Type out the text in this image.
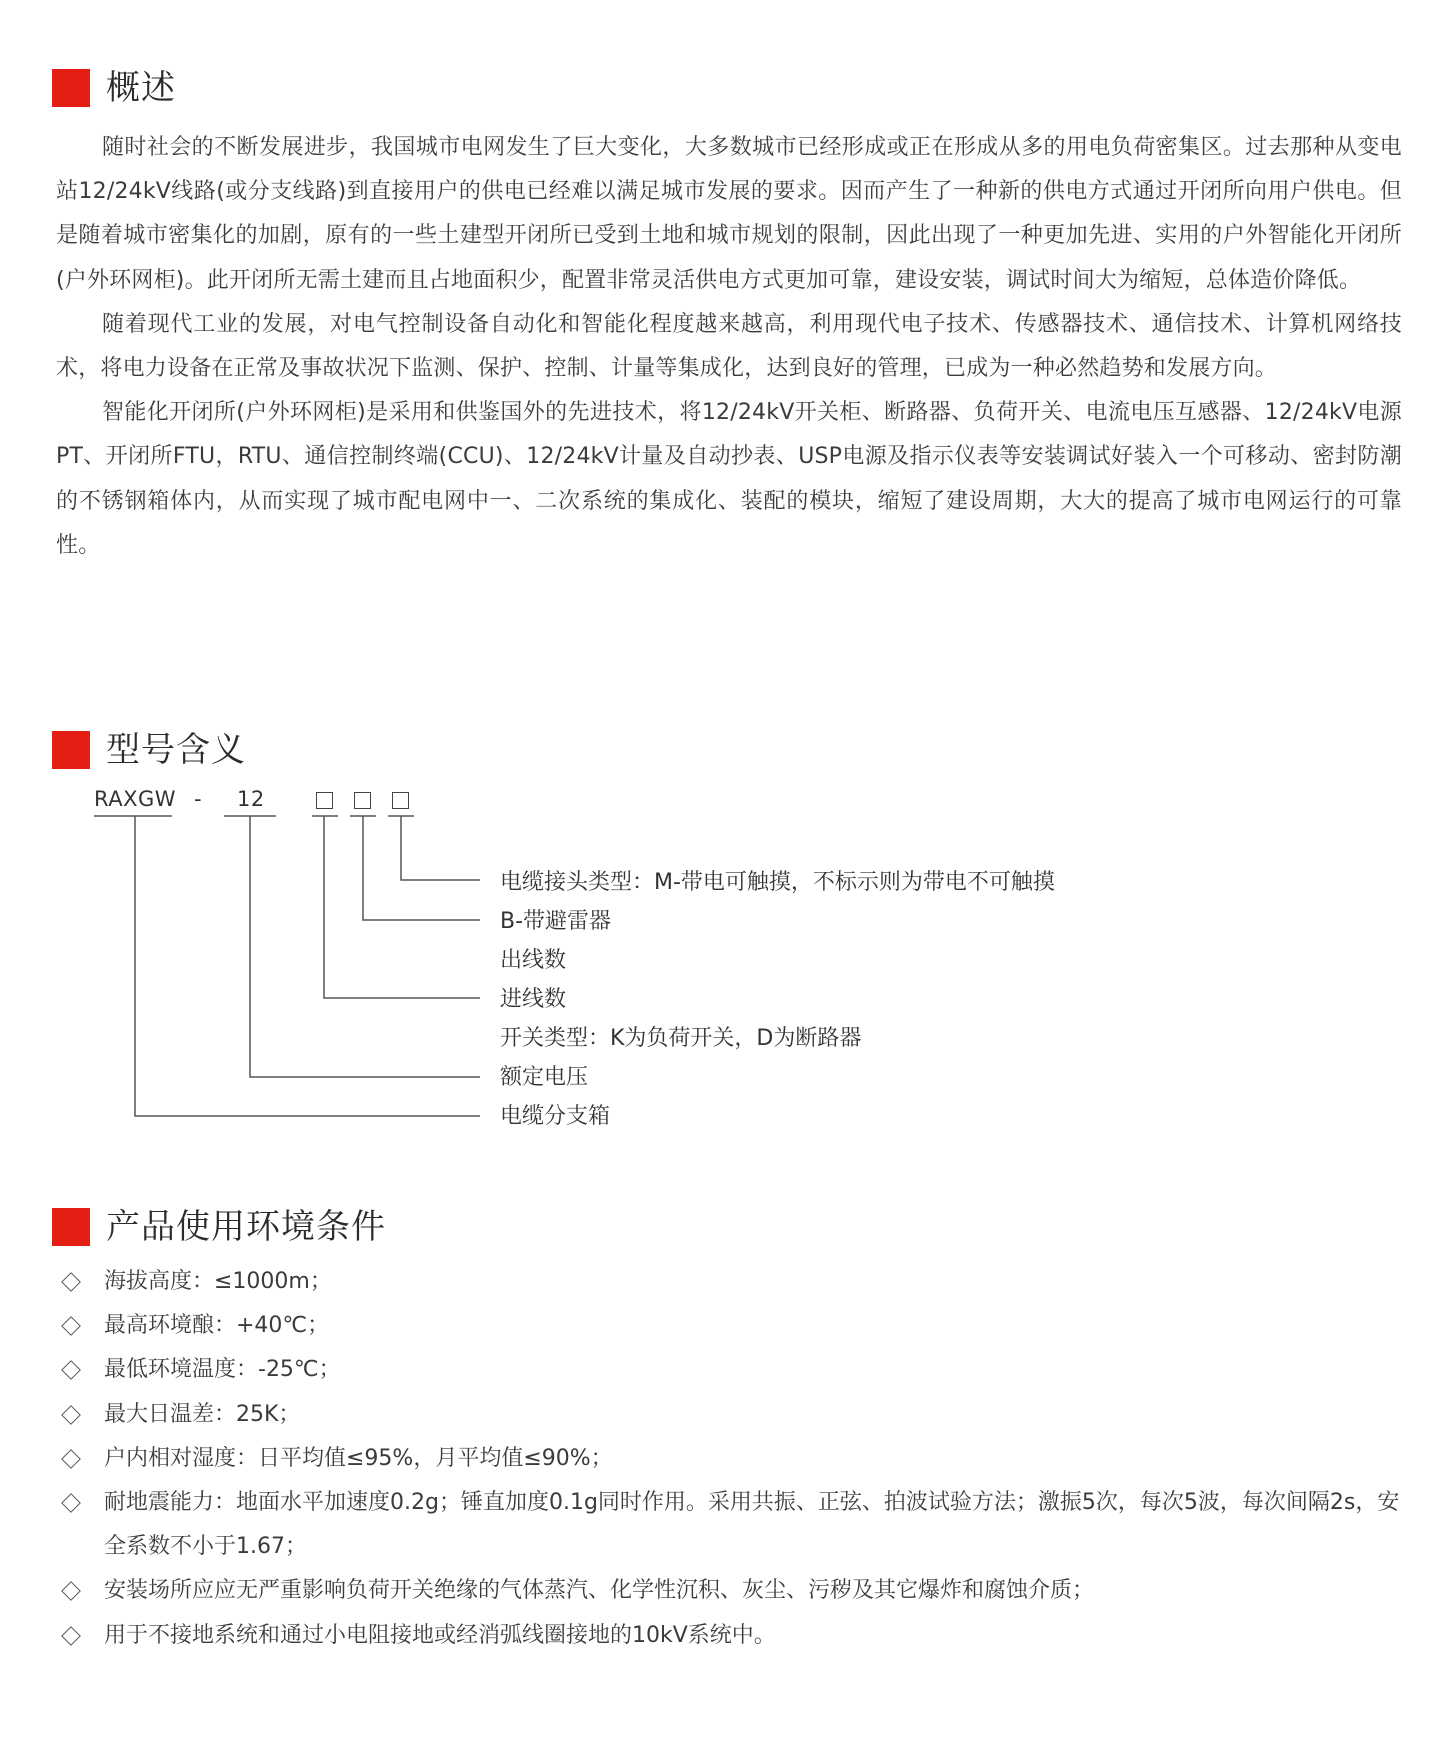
概述

随时社会的不断发展进步，我国城市电网发生了巨大变化，大多数城市已经形成或正在形成从多的用电负荷密集区。过去那种从变电站12/24kV线路(或分支线路)到直接用户的供电已经难以满足城市发展的要求。因而产生了一种新的供电方式通过开闭所向用户供电。但是随着城市密集化的加剧，原有的一些土建型开闭所已受到土地和城市规划的限制，因此出现了一种更加先进、实用的户外智能化开闭所(户外环网柜)。此开闭所无需土建而且占地面积少，配置非常灵活供电方式更加可靠，建设安装，调试时间大为缩短，总体造价降低。

随着现代工业的发展，对电气控制设备自动化和智能化程度越来越高，利用现代电子技术、传感器技术、通信技术、计算机网络技术，将电力设备在正常及事故状况下监测、保护、控制、计量等集成化，达到良好的管理，已成为一种必然趋势和发展方向。

智能化开闭所(户外环网柜)是采用和供鉴国外的先进技术，将12/24kV开关柜、断路器、负荷开关、电流电压互感器、12/24kV电源PT、开闭所FTU，RTU、通信控制终端(CCU)、12/24kV计量及自动抄表、USP电源及指示仪表等安装调试好装入一个可移动、密封防潮的不锈钢箱体内，从而实现了城市配电网中一、二次系统的集成化、装配的模块，缩短了建设周期，大大的提高了城市电网运行的可靠性。

型号含义
RAXGW - 12
电缆接头类型：M-带电可触摸，不标示则为带电不可触摸
B-带避雷器
出线数
进线数
开关类型：K为负荷开关，D为断路器
额定电压
电缆分支箱
产品使用环境条件
海拔高度：≤1000m；
最高环境酿：+40℃；
最低环境温度：-25℃；
最大日温差：25K；
户内相对湿度：日平均值≤95%，月平均值≤90%；
耐地震能力：地面水平加速度0.2g；锤直加度0.1g同时作用。采用共振、正弦、拍波试验方法；激振5次，每次5波，每次间隔2s，安全系数不小于1.67；
安装场所应应无严重影响负荷开关绝缘的气体蒸汽、化学性沉积、灰尘、污秽及其它爆炸和腐蚀介质；
用于不接地系统和通过小电阻接地或经消弧线圈接地的10kV系统中。
